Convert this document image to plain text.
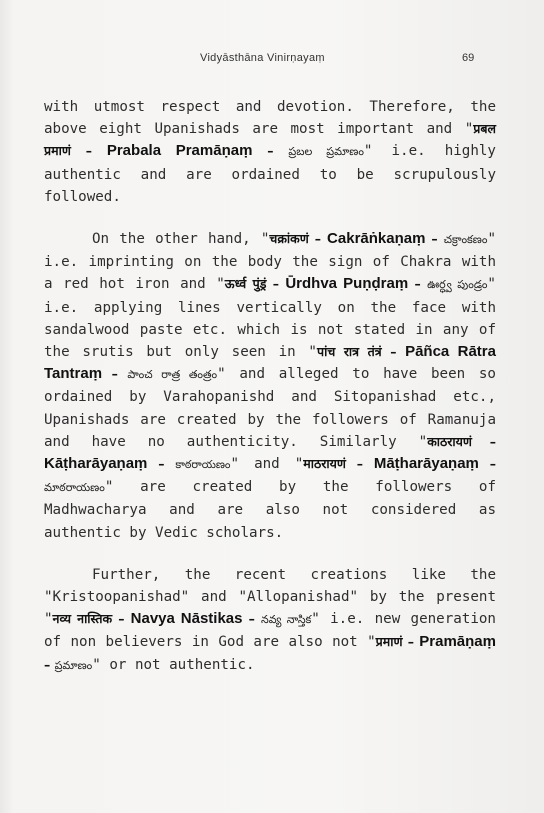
Vidyāsthāna Vinirṇayaṃ	69

with utmost respect and devotion. Therefore, the above eight Upanishads are most important and "प्रबल प्रमाणं – Prabala Pramāṇaṃ – ప్రబల ప్రమాణం" i.e. highly authentic and are ordained to be scrupulously followed.

On the other hand, "चक्रांकणं – Cakrāṅkaṇaṃ – చక్రాంకణం" i.e. imprinting on the body the sign of Chakra with a red hot iron and "ऊर्ध्व पुंड्रं – Ūrdhva Puṇḍraṃ – ఊర్ధ్వ పుండ్రం" i.e. applying lines vertically on the face with sandalwood paste etc. which is not stated in any of the srutis but only seen in "पांच रात्र तंत्रं – Pāñca Rātra Tantraṃ – పాంచ రాత్ర తంత్రం" and alleged to have been so ordained by Varahopanishd and Sitopanishad etc., Upanishads are created by the followers of Ramanuja and have no authenticity. Similarly "काठरायणं – Kāṭharāyaṇaṃ – కాఠరాయణం" and "माठरायणं – Māṭharāyaṇaṃ – మాఠరాయణం" are created by the followers of Madhwacharya and are also not considered as authentic by Vedic scholars.

Further, the recent creations like the "Kristoopanishad" and "Allopanishad" by the present "नव्य नास्तिक – Navya Nāstikas – నవ్య నాస్తిక" i.e. new generation of non believers in God are also not "प्रमाणं – Pramāṇaṃ – ప్రమాణం" or not authentic.
